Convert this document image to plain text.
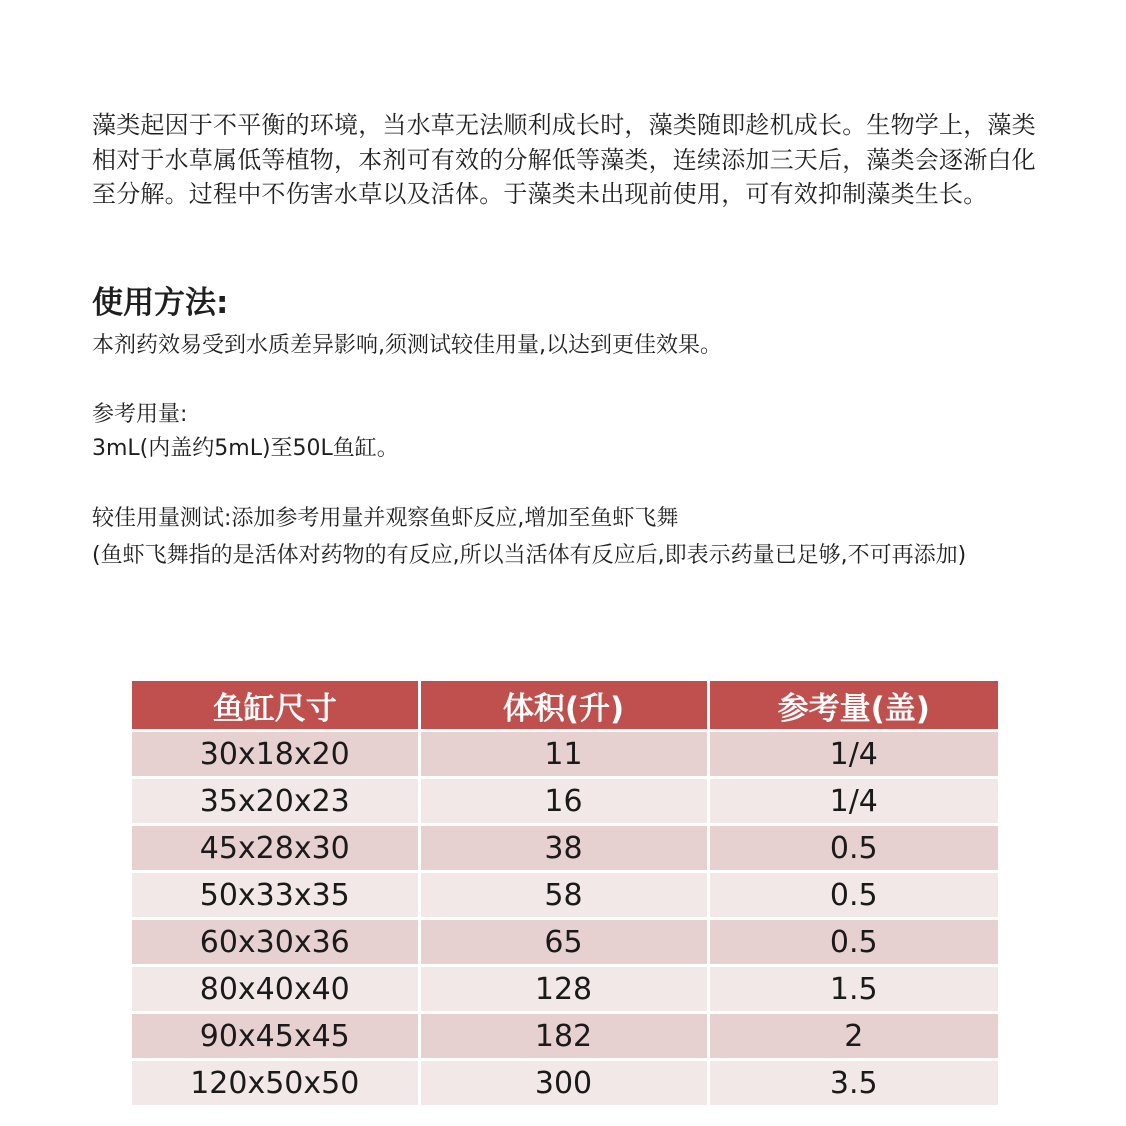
藻类起因于不平衡的环境，当水草无法顺利成长时，藻类随即趁机成长。生物学上，藻类相对于水草属低等植物，本剂可有效的分解低等藻类，连续添加三天后，藻类会逐渐白化至分解。过程中不伤害水草以及活体。于藻类未出现前使用，可有效抑制藻类生长。

使用方法:

本剂药效易受到水质差异影响,须测试较佳用量,以达到更佳效果。

参考用量:

3mL(内盖约5mL)至50L鱼缸。

较佳用量测试:添加参考用量并观察鱼虾反应,增加至鱼虾飞舞

(鱼虾飞舞指的是活体对药物的有反应,所以当活体有反应后,即表示药量已足够,不可再添加)

鱼缸尺寸	体积(升)	参考量(盖)
30x18x20	11	1/4
35x20x23	16	1/4
45x28x30	38	0.5
50x33x35	58	0.5
60x30x36	65	0.5
80x40x40	128	1.5
90x45x45	182	2
120x50x50	300	3.5
